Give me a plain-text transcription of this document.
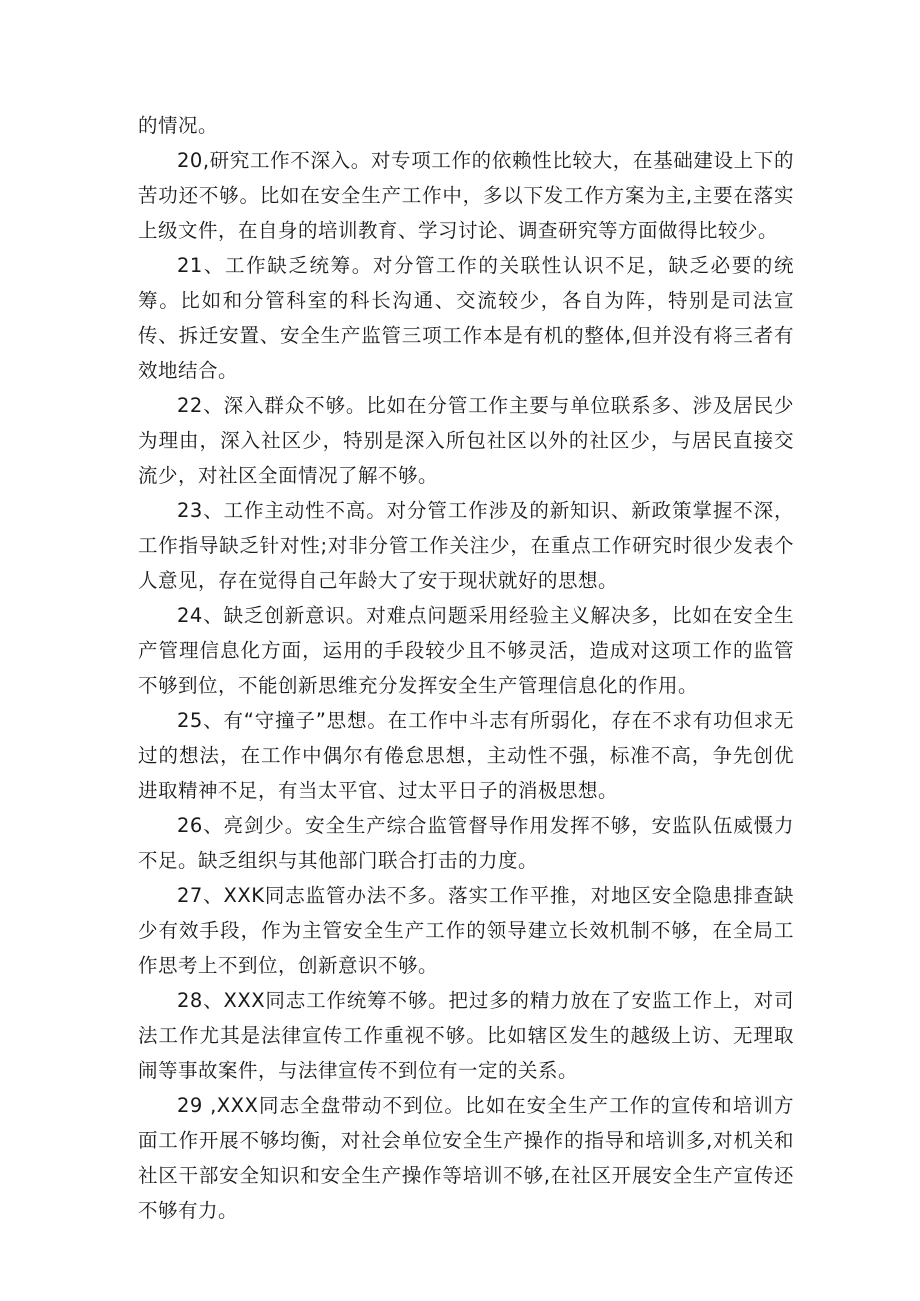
的情况。

20,研究工作不深入。对专项工作的依赖性比较大，在基础建设上下的苦功还不够。比如在安全生产工作中，多以下发工作方案为主,主要在落实上级文件，在自身的培训教育、学习讨论、调查研究等方面做得比较少。

21、工作缺乏统筹。对分管工作的关联性认识不足，缺乏必要的统筹。比如和分管科室的科长沟通、交流较少，各自为阵，特别是司法宣传、拆迁安置、安全生产监管三项工作本是有机的整体,但并没有将三者有效地结合。

22、深入群众不够。比如在分管工作主要与单位联系多、涉及居民少为理由，深入社区少，特别是深入所包社区以外的社区少，与居民直接交流少，对社区全面情况了解不够。

23、工作主动性不高。对分管工作涉及的新知识、新政策掌握不深，工作指导缺乏针对性;对非分管工作关注少，在重点工作研究时很少发表个人意见，存在觉得自己年龄大了安于现状就好的思想。

24、缺乏创新意识。对难点问题采用经验主义解决多，比如在安全生产管理信息化方面，运用的手段较少且不够灵活，造成对这项工作的监管不够到位，不能创新思维充分发挥安全生产管理信息化的作用。

25、有“守撞子”思想。在工作中斗志有所弱化，存在不求有功但求无过的想法，在工作中偶尔有倦怠思想，主动性不强，标准不高，争先创优进取精神不足，有当太平官、过太平日子的消极思想。

26、亮剑少。安全生产综合监管督导作用发挥不够，安监队伍威慑力不足。缺乏组织与其他部门联合打击的力度。

27、XXK同志监管办法不多。落实工作平推，对地区安全隐患排查缺少有效手段，作为主管安全生产工作的领导建立长效机制不够，在全局工作思考上不到位，创新意识不够。

28、XXX同志工作统筹不够。把过多的精力放在了安监工作上，对司法工作尤其是法律宣传工作重视不够。比如辖区发生的越级上访、无理取闹等事故案件，与法律宣传不到位有一定的关系。

29 ,XXX同志全盘带动不到位。比如在安全生产工作的宣传和培训方面工作开展不够均衡，对社会单位安全生产操作的指导和培训多,对机关和社区干部安全知识和安全生产操作等培训不够,在社区开展安全生产宣传还不够有力。
